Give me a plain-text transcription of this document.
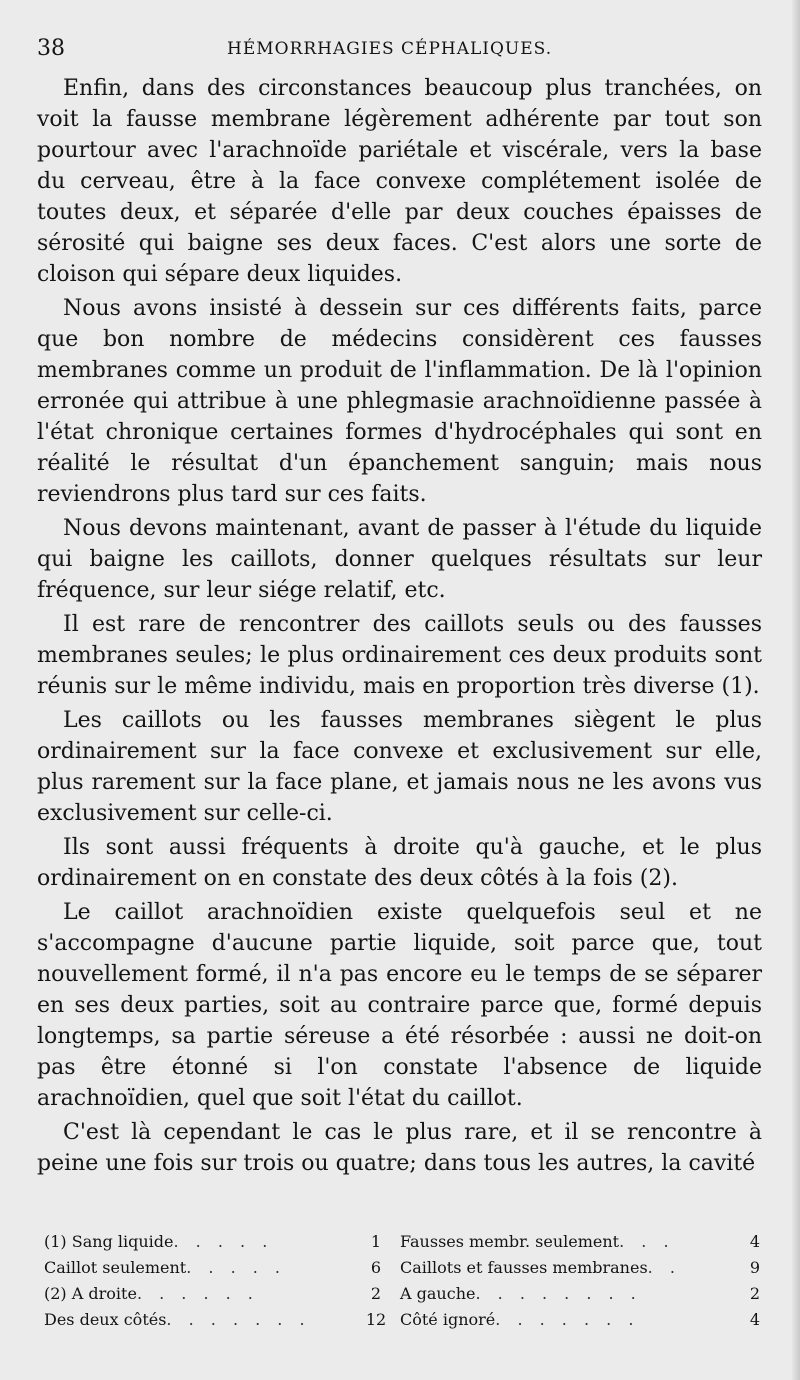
38	HÉMORRHAGIES CÉPHALIQUES.

Enfin, dans des circonstances beaucoup plus tranchées, on voit la fausse membrane légèrement adhérente par tout son pourtour avec l'arachnoïde pariétale et viscérale, vers la base du cerveau, être à la face convexe complétement isolée de toutes deux, et séparée d'elle par deux couches épaisses de sérosité qui baigne ses deux faces. C'est alors une sorte de cloison qui sépare deux liquides.

Nous avons insisté à dessein sur ces différents faits, parce que bon nombre de médecins considèrent ces fausses membranes comme un produit de l'inflammation. De là l'opinion erronée qui attribue à une phlegmasie arachnoïdienne passée à l'état chronique certaines formes d'hydrocéphales qui sont en réalité le résultat d'un épanchement sanguin; mais nous reviendrons plus tard sur ces faits.

Nous devons maintenant, avant de passer à l'étude du liquide qui baigne les caillots, donner quelques résultats sur leur fréquence, sur leur siége relatif, etc.

Il est rare de rencontrer des caillots seuls ou des fausses membranes seules; le plus ordinairement ces deux produits sont réunis sur le même individu, mais en proportion très diverse (1).

Les caillots ou les fausses membranes siègent le plus ordinairement sur la face convexe et exclusivement sur elle, plus rarement sur la face plane, et jamais nous ne les avons vus exclusivement sur celle-ci.

Ils sont aussi fréquents à droite qu'à gauche, et le plus ordinairement on en constate des deux côtés à la fois (2).

Le caillot arachnoïdien existe quelquefois seul et ne s'accompagne d'aucune partie liquide, soit parce que, tout nouvellement formé, il n'a pas encore eu le temps de se séparer en ses deux parties, soit au contraire parce que, formé depuis longtemps, sa partie séreuse a été résorbée : aussi ne doit-on pas être étonné si l'on constate l'absence de liquide arachnoïdien, quel que soit l'état du caillot.

C'est là cependant le cas le plus rare, et il se rencontre à peine une fois sur trois ou quatre; dans tous les autres, la cavité

(1) Sang liquide. . . . .	1	Fausses membr. seulement. . .	4
Caillot seulement. . . . .	6	Caillots et fausses membranes. .	9
(2) A droite. . . . . .	2	A gauche. . . . . . . .	2
Des deux côtés. . . . . . .	12	Côté ignoré. . . . . . .	4
